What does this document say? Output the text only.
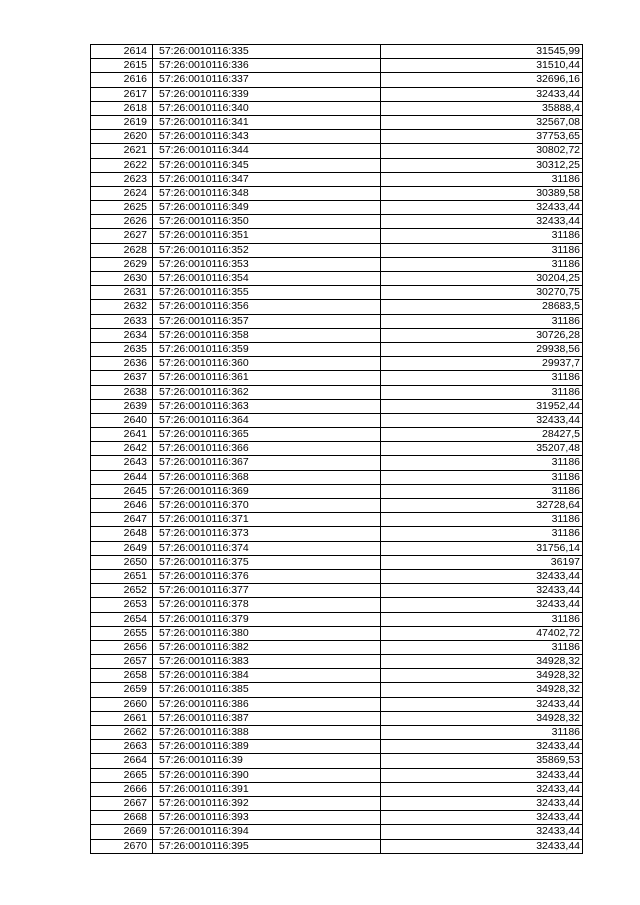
2614	57:26:0010116:335	31545,99
2615	57:26:0010116:336	31510,44
2616	57:26:0010116:337	32696,16
2617	57:26:0010116:339	32433,44
2618	57:26:0010116:340	35888,4
2619	57:26:0010116:341	32567,08
2620	57:26:0010116:343	37753,65
2621	57:26:0010116:344	30802,72
2622	57:26:0010116:345	30312,25
2623	57:26:0010116:347	31186
2624	57:26:0010116:348	30389,58
2625	57:26:0010116:349	32433,44
2626	57:26:0010116:350	32433,44
2627	57:26:0010116:351	31186
2628	57:26:0010116:352	31186
2629	57:26:0010116:353	31186
2630	57:26:0010116:354	30204,25
2631	57:26:0010116:355	30270,75
2632	57:26:0010116:356	28683,5
2633	57:26:0010116:357	31186
2634	57:26:0010116:358	30726,28
2635	57:26:0010116:359	29938,56
2636	57:26:0010116:360	29937,7
2637	57:26:0010116:361	31186
2638	57:26:0010116:362	31186
2639	57:26:0010116:363	31952,44
2640	57:26:0010116:364	32433,44
2641	57:26:0010116:365	28427,5
2642	57:26:0010116:366	35207,48
2643	57:26:0010116:367	31186
2644	57:26:0010116:368	31186
2645	57:26:0010116:369	31186
2646	57:26:0010116:370	32728,64
2647	57:26:0010116:371	31186
2648	57:26:0010116:373	31186
2649	57:26:0010116:374	31756,14
2650	57:26:0010116:375	36197
2651	57:26:0010116:376	32433,44
2652	57:26:0010116:377	32433,44
2653	57:26:0010116:378	32433,44
2654	57:26:0010116:379	31186
2655	57:26:0010116:380	47402,72
2656	57:26:0010116:382	31186
2657	57:26:0010116:383	34928,32
2658	57:26:0010116:384	34928,32
2659	57:26:0010116:385	34928,32
2660	57:26:0010116:386	32433,44
2661	57:26:0010116:387	34928,32
2662	57:26:0010116:388	31186
2663	57:26:0010116:389	32433,44
2664	57:26:0010116:39	35869,53
2665	57:26:0010116:390	32433,44
2666	57:26:0010116:391	32433,44
2667	57:26:0010116:392	32433,44
2668	57:26:0010116:393	32433,44
2669	57:26:0010116:394	32433,44
2670	57:26:0010116:395	32433,44
